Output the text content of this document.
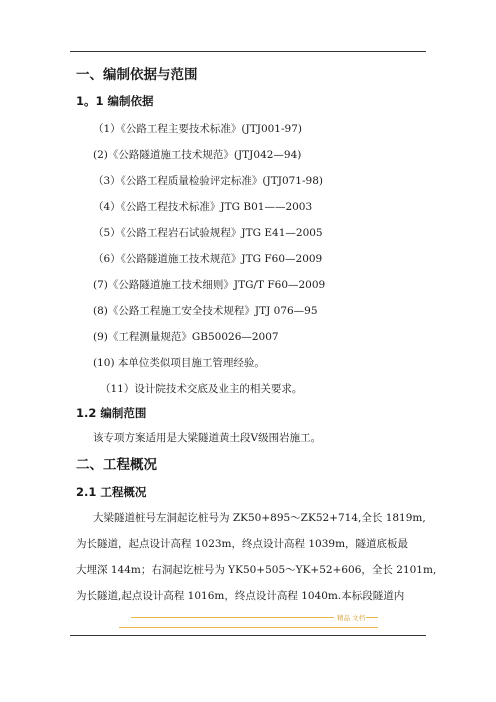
一、编制依据与范围
1。1 编制依据
（1）《公路工程主要技术标准》(JTJ001-97)
(2)《公路隧道施工技术规范》(JTJ042—94)
（3）《公路工程质量检验评定标准》(JTJ071-98)
（4）《公路工程技术标准》JTG B01——2003
（5）《公路工程岩石试验规程》JTG E41—2005
（6）《公路隧道施工技术规范》JTG F60—2009
(7)《公路隧道施工技术细则》JTG/T F60—2009
(8)《公路工程施工安全技术规程》JTJ 076—95
(9)《工程测量规范》GB50026—2007
(10) 本单位类似项目施工管理经验。
（11）设计院技术交底及业主的相关要求。
1.2 编制范围
该专项方案适用是大梁隧道黄土段Ⅴ级围岩施工。
二、工程概况
2.1 工程概况
大梁隧道桩号左洞起讫桩号为 ZK50+895～ZK52+714,全长 1819m,
为长隧道，起点设计高程 1023m，终点设计高程 1039m，隧道底板最
大埋深 144m；右洞起讫桩号为 YK50+505～YK+52+606，全长 2101m,
为长隧道,起点设计高程 1016m，终点设计高程 1040m.本标段隧道内
精品 文档
